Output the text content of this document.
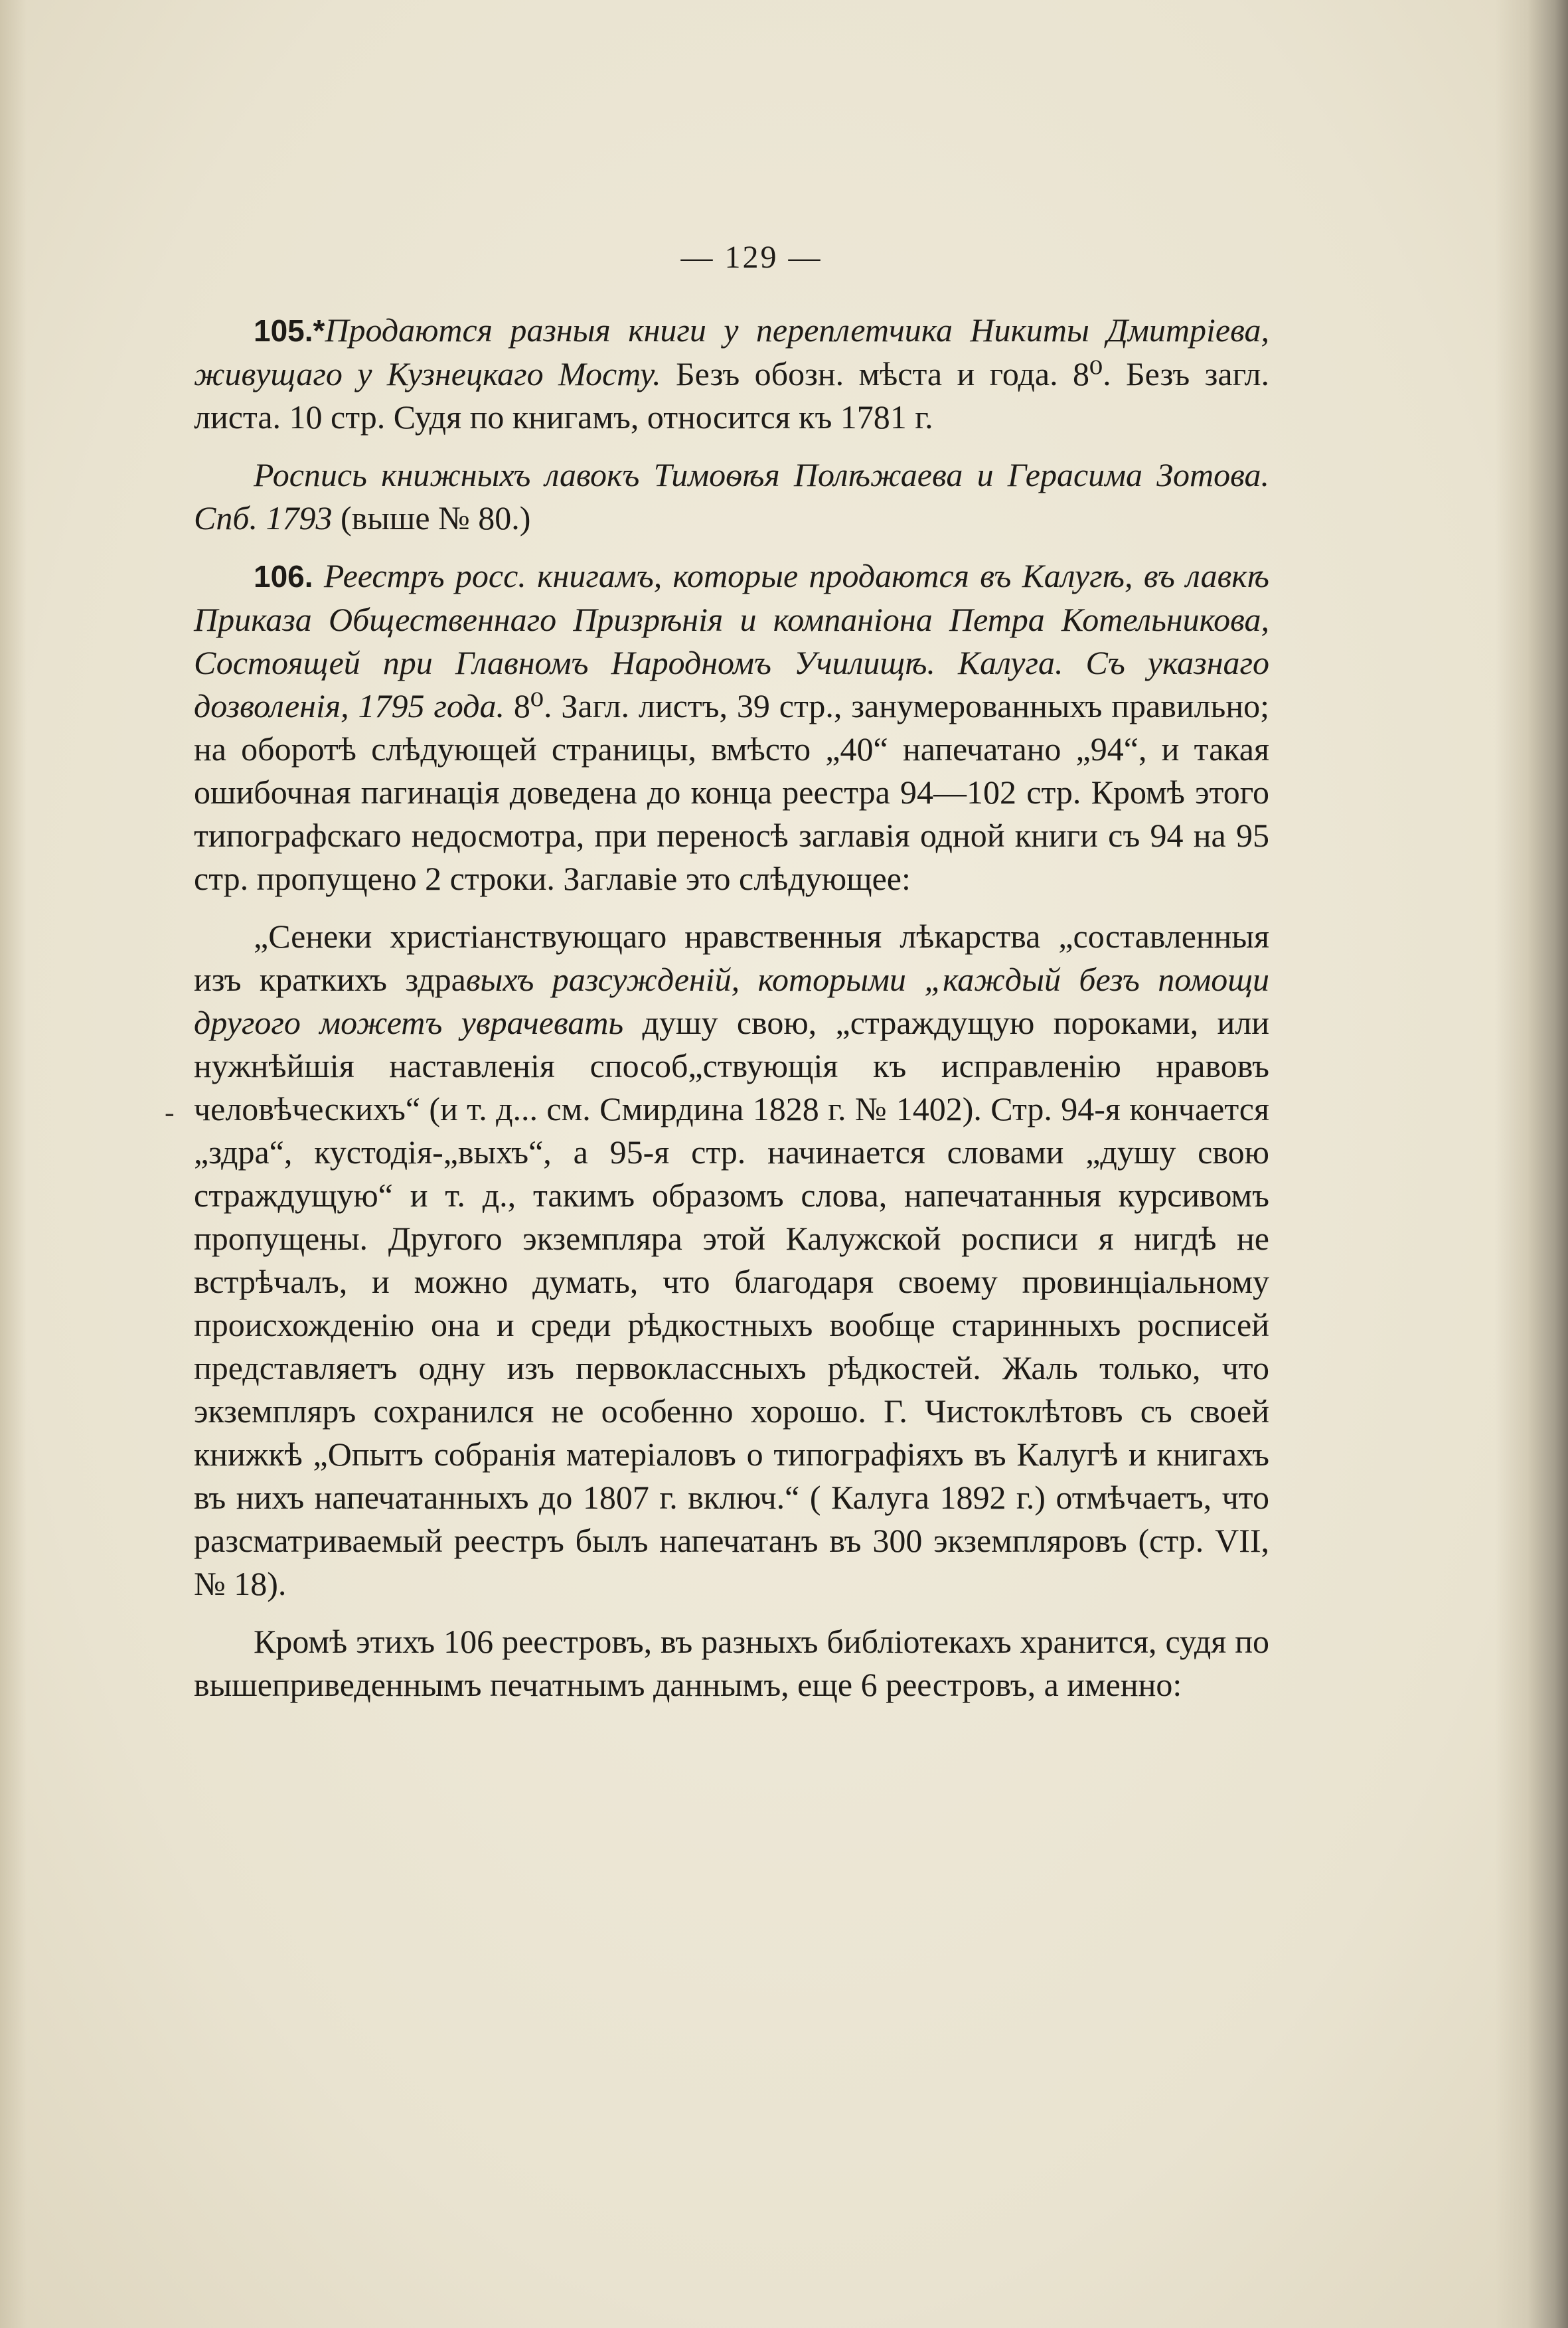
-
— 129 —

105.*Продаются разныя книги у переплетчика Никиты Дмитріева, живущаго у Кузнецкаго Мосту. Безъ обозн. мѣста и года. 8⁰. Безъ загл. листа. 10 стр. Судя по книгамъ, относится къ 1781 г.

Роспись книжныхъ лавокъ Тимоѳѣя Полѣжаева и Герасима Зотова. Спб. 1793 (выше № 80.)

106. Реестръ росс. книгамъ, которые продаются въ Калугѣ, въ лавкѣ Приказа Общественнаго Призрѣнія и компаніона Петра Котельникова, Состоящей при Главномъ Народномъ Училищѣ. Калуга. Съ указнаго дозволенія, 1795 года. 8⁰. Загл. листъ, 39 стр., занумерованныхъ правильно; на оборотѣ слѣдующей страницы, вмѣсто „40“ напечатано „94“, и такая ошибочная пагинація доведена до конца реестра 94—102 стр. Кромѣ этого типографскаго недосмотра, при переносѣ заглавія одной книги съ 94 на 95 стр. пропущено 2 строки. Заглавіе это слѣдующее:

„Сенеки христіанствующаго нравственныя лѣкарства „составленныя изъ краткихъ здравыхъ разсужденій, которыми „каждый безъ помощи другого можетъ уврачевать душу свою, „страждущую пороками, или нужнѣйшія наставленія способ„ствующія къ исправленію нравовъ человѣческихъ“ (и т. д... см. Смирдина 1828 г. № 1402). Стр. 94-я кончается „здра“, кустодія-„выхъ“, а 95-я стр. начинается словами „душу свою страждущую“ и т. д., такимъ образомъ слова, напечатанныя курсивомъ пропущены. Другого экземпляра этой Калужской росписи я нигдѣ не встрѣчалъ, и можно думать, что благодаря своему провинціальному происхожденію она и среди рѣдкостныхъ вообще старинныхъ росписей представляетъ одну изъ первоклассныхъ рѣдкостей. Жаль только, что экземпляръ сохранился не особенно хорошо. Г. Чистоклѣтовъ съ своей книжкѣ „Опытъ собранія матеріаловъ о типографіяхъ въ Калугѣ и книгахъ въ нихъ напечатанныхъ до 1807 г. включ.“ ( Калуга 1892 г.) отмѣчаетъ, что разсматриваемый реестръ былъ напечатанъ въ 300 экземпляровъ (стр. VII, № 18).

Кромѣ этихъ 106 реестровъ, въ разныхъ библіотекахъ хранится, судя по вышеприведеннымъ печатнымъ даннымъ, еще 6 реестровъ, а именно:
